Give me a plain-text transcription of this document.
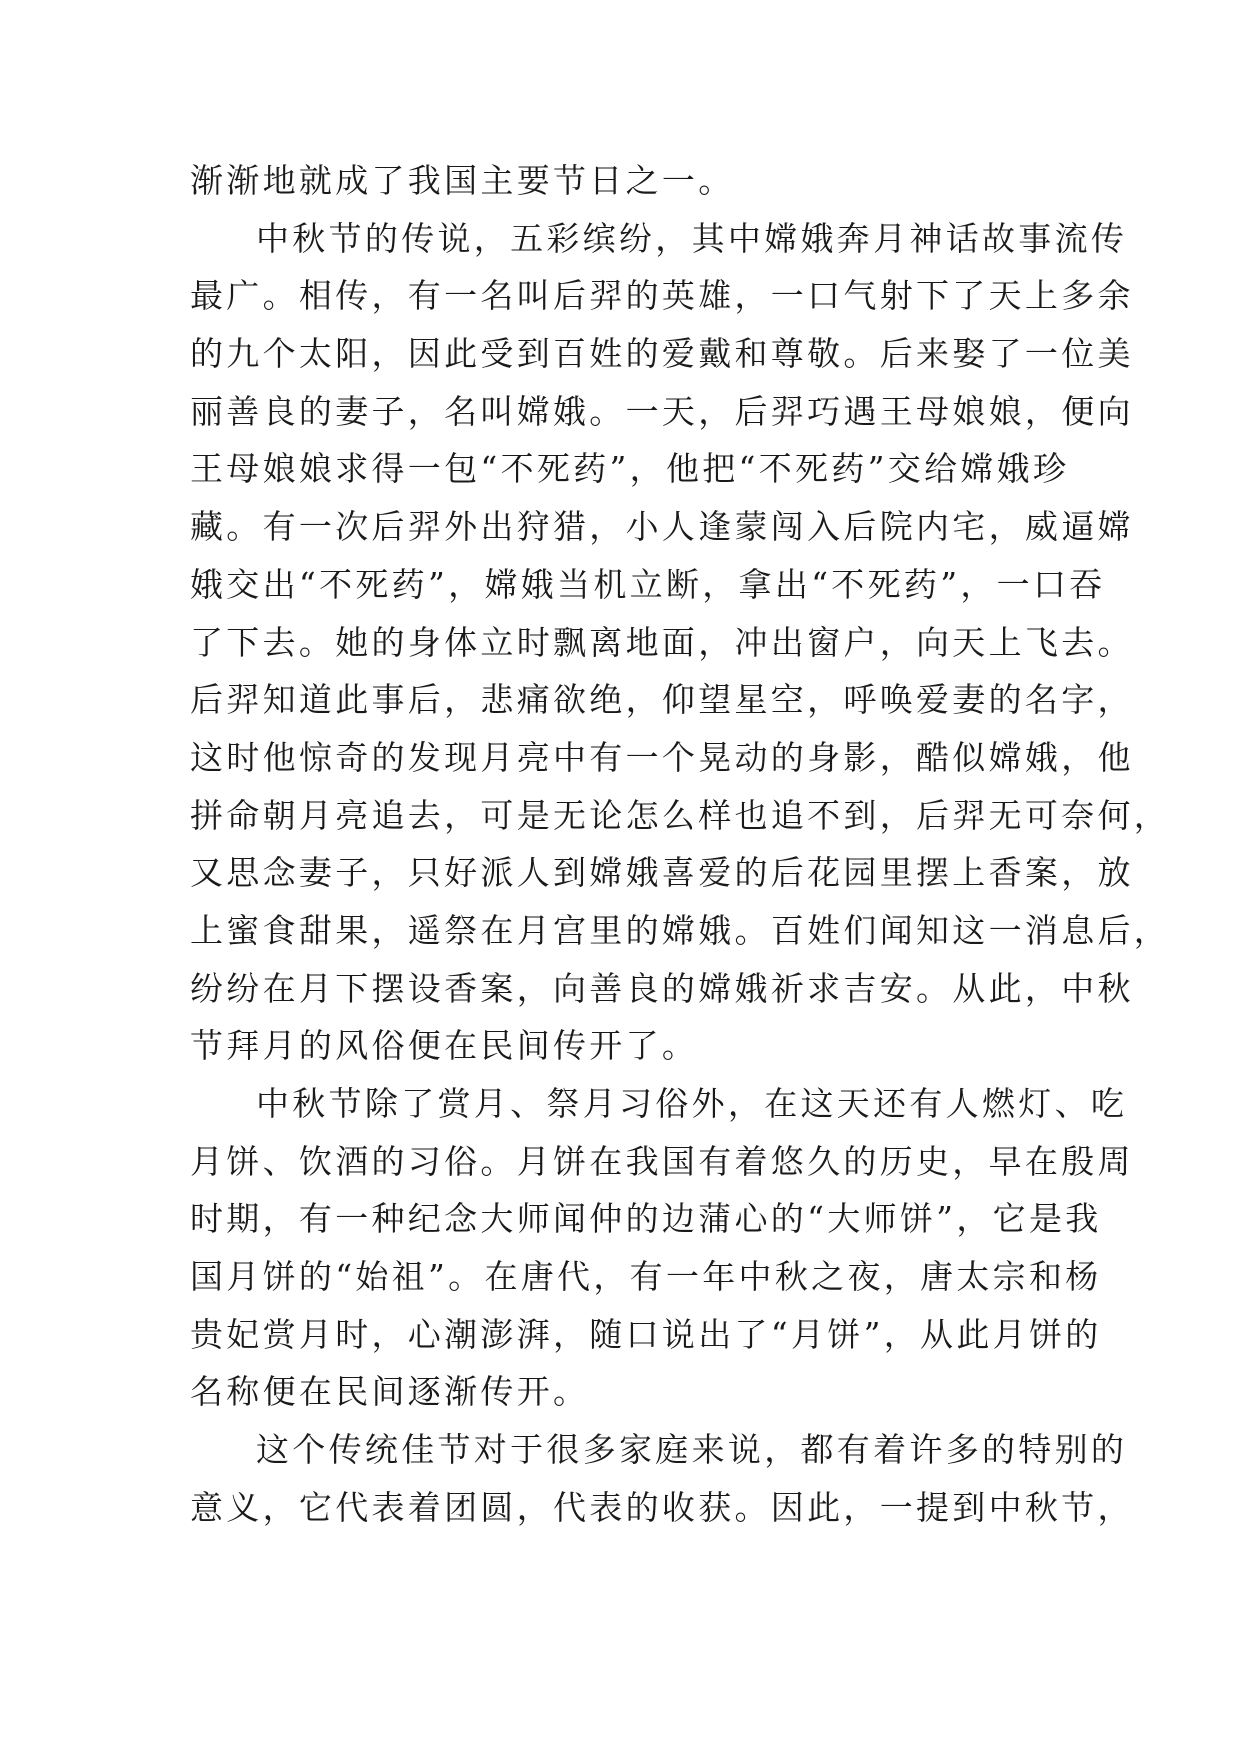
渐渐地就成了我国主要节日之一。
中秋节的传说，五彩缤纷，其中嫦娥奔月神话故事流传
最广。相传，有一名叫后羿的英雄，一口气射下了天上多余
的九个太阳，因此受到百姓的爱戴和尊敬。后来娶了一位美
丽善良的妻子，名叫嫦娥。一天，后羿巧遇王母娘娘，便向
王母娘娘求得一包“不死药”，他把“不死药”交给嫦娥珍
藏。有一次后羿外出狩猎，小人逢蒙闯入后院内宅，威逼嫦
娥交出“不死药”，嫦娥当机立断，拿出“不死药”，一口吞
了下去。她的身体立时飘离地面，冲出窗户，向天上飞去。
后羿知道此事后，悲痛欲绝，仰望星空，呼唤爱妻的名字，
这时他惊奇的发现月亮中有一个晃动的身影，酷似嫦娥，他
拼命朝月亮追去，可是无论怎么样也追不到，后羿无可奈何，
又思念妻子，只好派人到嫦娥喜爱的后花园里摆上香案，放
上蜜食甜果，遥祭在月宫里的嫦娥。百姓们闻知这一消息后，
纷纷在月下摆设香案，向善良的嫦娥祈求吉安。从此，中秋
节拜月的风俗便在民间传开了。
中秋节除了赏月、祭月习俗外，在这天还有人燃灯、吃
月饼、饮酒的习俗。月饼在我国有着悠久的历史，早在殷周
时期，有一种纪念大师闻仲的边蒲心的“大师饼”，它是我
国月饼的“始祖”。在唐代，有一年中秋之夜，唐太宗和杨
贵妃赏月时，心潮澎湃，随口说出了“月饼”，从此月饼的
名称便在民间逐渐传开。
这个传统佳节对于很多家庭来说，都有着许多的特别的
意义，它代表着团圆，代表的收获。因此，一提到中秋节，
